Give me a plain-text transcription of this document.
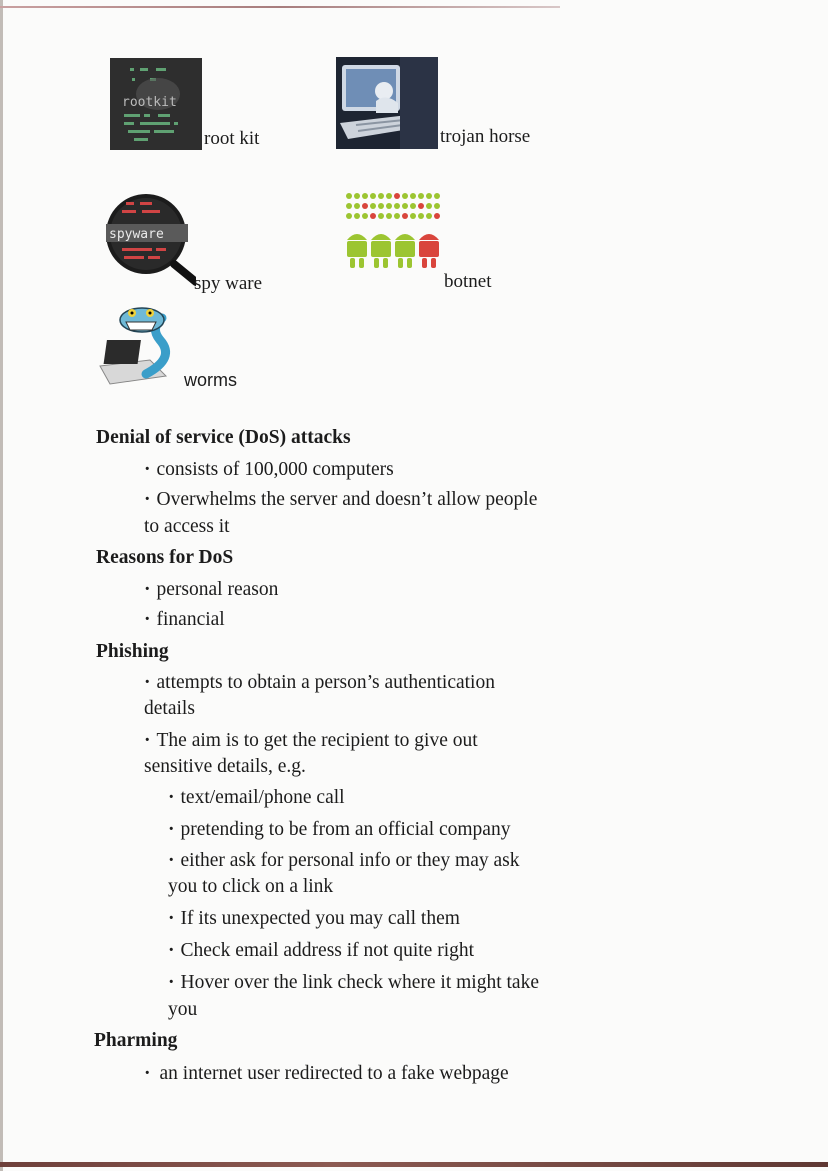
rootkit
root kit	trojan horse
spyware
spy ware	botnet
worms
Denial of service (DoS) attacks
· consists of 100,000 computers
· Overwhelms the server and doesn’t allow people
to access it
Reasons for DoS
· personal reason
· financial
Phishing
· attempts to obtain a person’s authentication
details
· The aim is to get the recipient to give out
sensitive details, e.g.
· text/email/phone call
· pretending to be from an official company
· either ask for personal info or they may ask
you to click on a link
· If its unexpected you may call them
· Check email address if not quite right
· Hover over the link check where it might take
you
Pharming
· an internet user redirected to a fake webpage
